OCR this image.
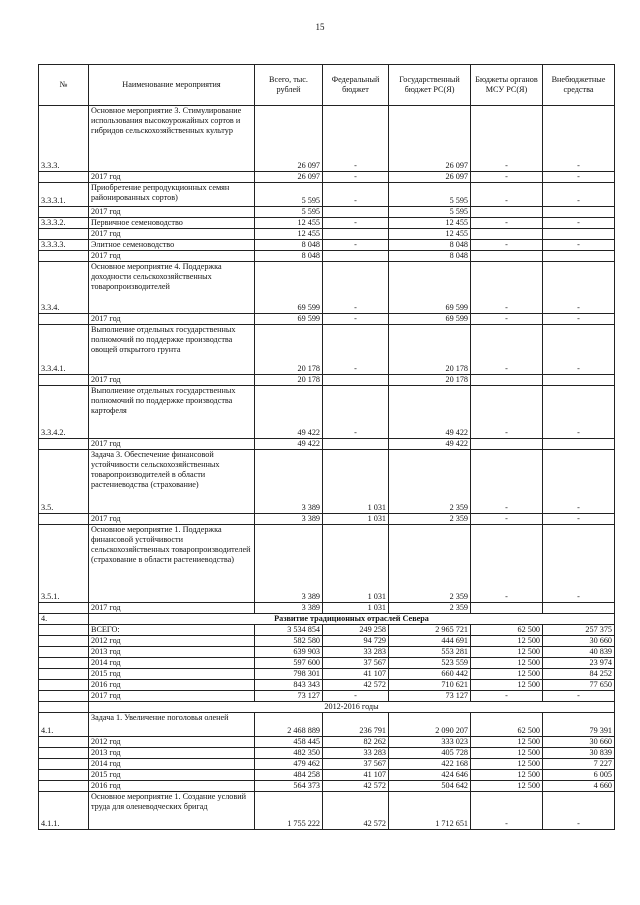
15
№	Наименование мероприятия	Всего, тыс. рублей	Федеральный бюджет	Государственный бюджет РС(Я)	Бюджеты органов МСУ РС(Я)	Внебюджетные средства
3.3.3.	Основное мероприятие 3. Стимулирование использования высокоурожайных сортов и гибридов сельскохозяйственных культур	26 097	-	26 097	-	-
	2017 год	26 097	-	26 097	-	-
3.3.3.1.	Приобретение репродукционных семян районированных сортов)	5 595	-	5 595	-	-
	2017 год	5 595		5 595		
3.3.3.2.	Первичное семеноводство	12 455	-	12 455	-	-
	2017 год	12 455		12 455		
3.3.3.3.	Элитное семеноводство	8 048	-	8 048	-	-
	2017 год	8 048		8 048		
3.3.4.	Основное мероприятие 4. Поддержка доходности сельскохозяйственных товаропроизводителей	69 599	-	69 599	-	-
	2017 год	69 599	-	69 599	-	-
3.3.4.1.	Выполнение отдельных государственных полномочий по поддержке производства овощей открытого грунта	20 178	-	20 178	-	-
	2017 год	20 178		20 178		
3.3.4.2.	Выполнение отдельных государственных полномочий по поддержке производства картофеля	49 422	-	49 422	-	-
	2017 год	49 422		49 422		
3.5.	Задача 3. Обеспечение финансовой устойчивости сельскохозяйственных товаропроизводителей в области растениеводства (страхование)	3 389	1 031	2 359	-	-
	2017 год	3 389	1 031	2 359	-	-
3.5.1.	Основное мероприятие 1. Поддержка финансовой устойчивости сельскохозяйственных товаропроизводителей (страхование в области растениеводства)	3 389	1 031	2 359	-	-
	2017 год	3 389	1 031	2 359		
4.	Развитие традиционных отраслей Севера					
	ВСЕГО:	3 534 854	249 258	2 965 721	62 500	257 375
	2012 год	582 580	94 729	444 691	12 500	30 660
	2013 год	639 903	33 283	553 281	12 500	40 839
	2014 год	597 600	37 567	523 559	12 500	23 974
	2015 год	798 301	41 107	660 442	12 500	84 252
	2016 год	843 343	42 572	710 621	12 500	77 650
	2017 год	73 127	-	73 127	-	-
	2012-2016 годы					
4.1.	Задача 1. Увеличение поголовья оленей	2 468 889	236 791	2 090 207	62 500	79 391
	2012 год	458 445	82 262	333 023	12 500	30 660
	2013 год	482 350	33 283	405 728	12 500	30 839
	2014 год	479 462	37 567	422 168	12 500	7 227
	2015 год	484 258	41 107	424 646	12 500	6 005
	2016 год	564 373	42 572	504 642	12 500	4 660
4.1.1.	Основное мероприятие 1. Создание условий труда для оленеводческих бригад	1 755 222	42 572	1 712 651	-	-
